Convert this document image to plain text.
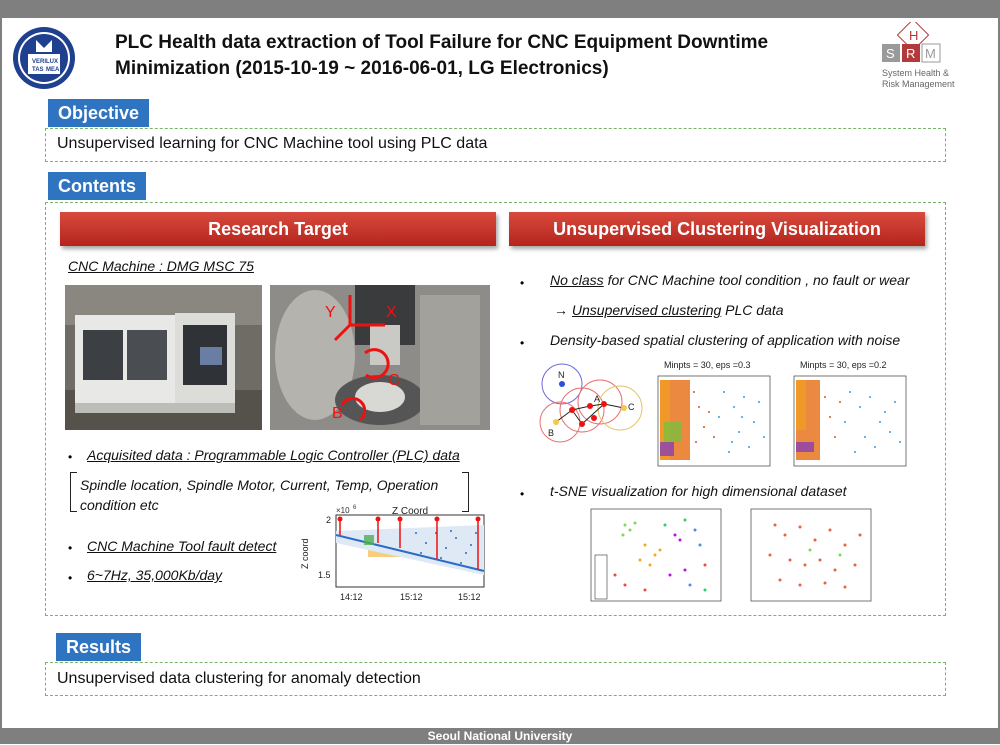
VERI LUX
TAS MEA
PLC Health data extraction of Tool Failure for CNC Equipment Downtime
Minimization (2015-10-19 ~ 2016-06-01, LG Electronics)
H
S R M
System Health &
Risk Management
Objective
Unsupervised learning for CNC Machine tool using PLC data
Contents
Research Target
CNC Machine : DMG MSC 75
Y	X
C
B
• Acquisited data : Programmable Logic Controller (PLC) data
Spindle location, Spindle Motor, Current, Temp, Operation
condition etc
• CNC Machine Tool fault detect
• 6~7Hz, 35,000Kb/day
×10 6	Z Coord
2
1.5
Z coord
14:12	15:12	15:12
Unsupervised Clustering Visualization
• No class for CNC Machine tool condition , no fault or wear
→ Unsupervised clustering PLC data
• Density-based spatial clustering of application with noise
N
A
B
C
Minpts = 30, eps =0.3	Minpts = 30, eps =0.2
• t-SNE visualization for high dimensional dataset
Results
Unsupervised data clustering for anomaly detection
Seoul National University
